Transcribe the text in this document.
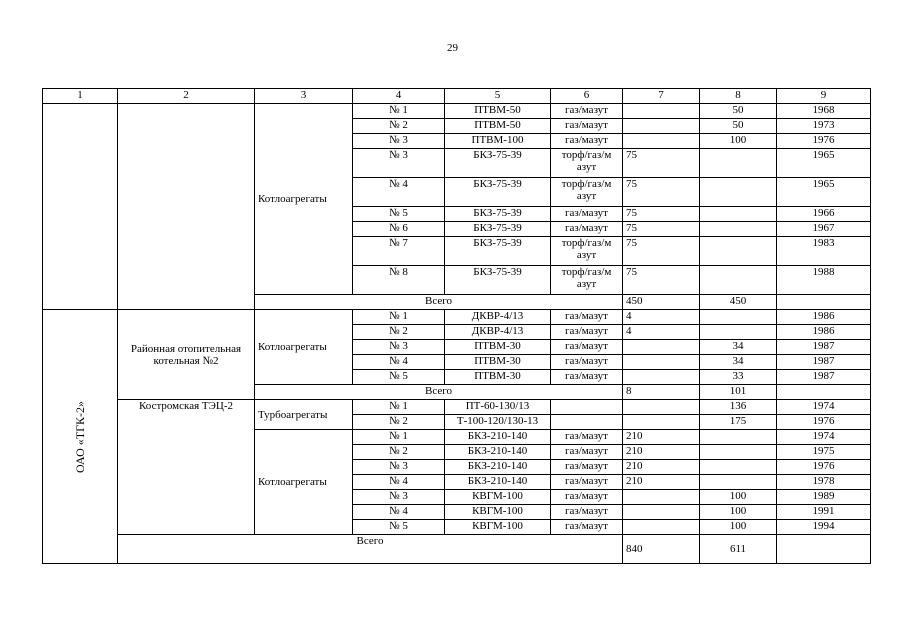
29

1	2	3	4	5	6	7	8	9
		Котлоагрегаты	№ 1	ПТВМ-50	газ/мазут		50	1968
			№ 2	ПТВМ-50	газ/мазут		50	1973
			№ 3	ПТВМ-100	газ/мазут		100	1976
			№ 3	БКЗ-75-39	торф/газ/м азут	75		1965
			№ 4	БКЗ-75-39	торф/газ/м азут	75		1965
			№ 5	БКЗ-75-39	газ/мазут	75		1966
			№ 6	БКЗ-75-39	газ/мазут	75		1967
			№ 7	БКЗ-75-39	торф/газ/м азут	75		1983
			№ 8	БКЗ-75-39	торф/газ/м азут	75		1988
		Всего				450	450	

ОАО «ТГК-2»	Районная отопительная котельная №2	Котлоагрегаты	№ 1	ДКВР-4/13	газ/мазут	4		1986
			№ 2	ДКВР-4/13	газ/мазут	4		1986
			№ 3	ПТВМ-30	газ/мазут		34	1987
			№ 4	ПТВМ-30	газ/мазут		34	1987
			№ 5	ПТВМ-30	газ/мазут		33	1987
		Всего				8	101	
	Костромская ТЭЦ-2	Турбоагрегаты	№ 1	ПТ-60-130/13			136	1974
			№ 2	Т-100-120/130-13			175	1976
		Котлоагрегаты	№ 1	БКЗ-210-140	газ/мазут	210		1974
			№ 2	БКЗ-210-140	газ/мазут	210		1975
			№ 3	БКЗ-210-140	газ/мазут	210		1976
			№ 4	БКЗ-210-140	газ/мазут	210		1978
			№ 3	КВГМ-100	газ/мазут		100	1989
			№ 4	КВГМ-100	газ/мазут		100	1991
			№ 5	КВГМ-100	газ/мазут		100	1994
	Всего					840	611	
